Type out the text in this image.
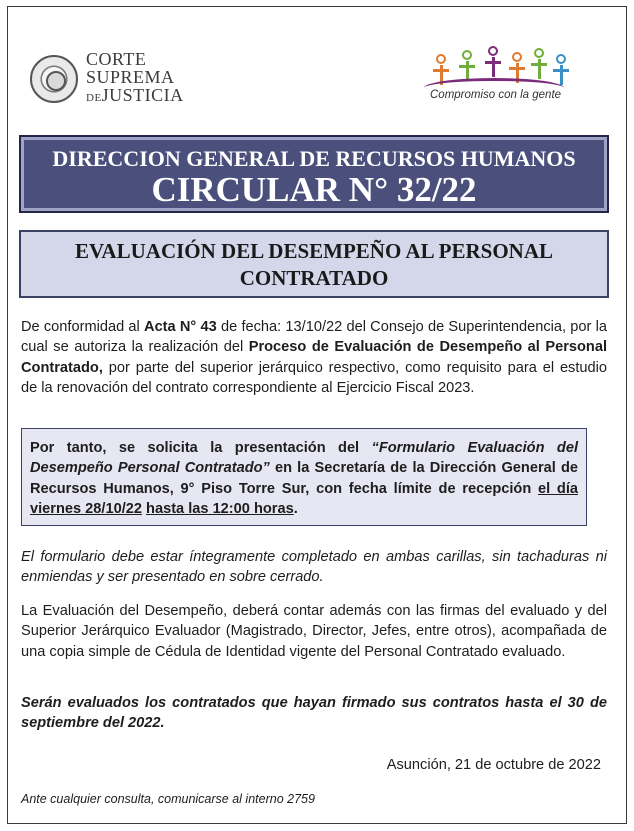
CORTE
SUPREMA
DEJUSTICIA	Compromiso con la gente
DIRECCION GENERAL DE RECURSOS HUMANOS
CIRCULAR N° 32/22
EVALUACIÓN DEL DESEMPEÑO AL PERSONAL
CONTRATADO
De conformidad al Acta N° 43 de fecha: 13/10/22 del Consejo de Superintendencia, por la cual se autoriza la realización del Proceso de Evaluación de Desempeño al Personal Contratado, por parte del superior jerárquico respectivo, como requisito para el estudio de la renovación del contrato correspondiente al Ejercicio Fiscal 2023.
Por tanto, se solicita la presentación del “Formulario Evaluación del Desempeño Personal Contratado” en la Secretaría de la Dirección General de Recursos Humanos, 9° Piso Torre Sur, con fecha límite de recepción el día viernes 28/10/22 hasta las 12:00 horas.
El formulario debe estar íntegramente completado en ambas carillas, sin tachaduras ni enmiendas y ser presentado en sobre cerrado.
La Evaluación del Desempeño, deberá contar además con las firmas del evaluado y del Superior Jerárquico Evaluador (Magistrado, Director, Jefes, entre otros), acompañada de una copia simple de Cédula de Identidad vigente del Personal Contratado evaluado.
Serán evaluados los contratados que hayan firmado sus contratos hasta el 30 de septiembre del 2022.
Asunción, 21 de octubre de 2022
Ante cualquier consulta, comunicarse al interno 2759
